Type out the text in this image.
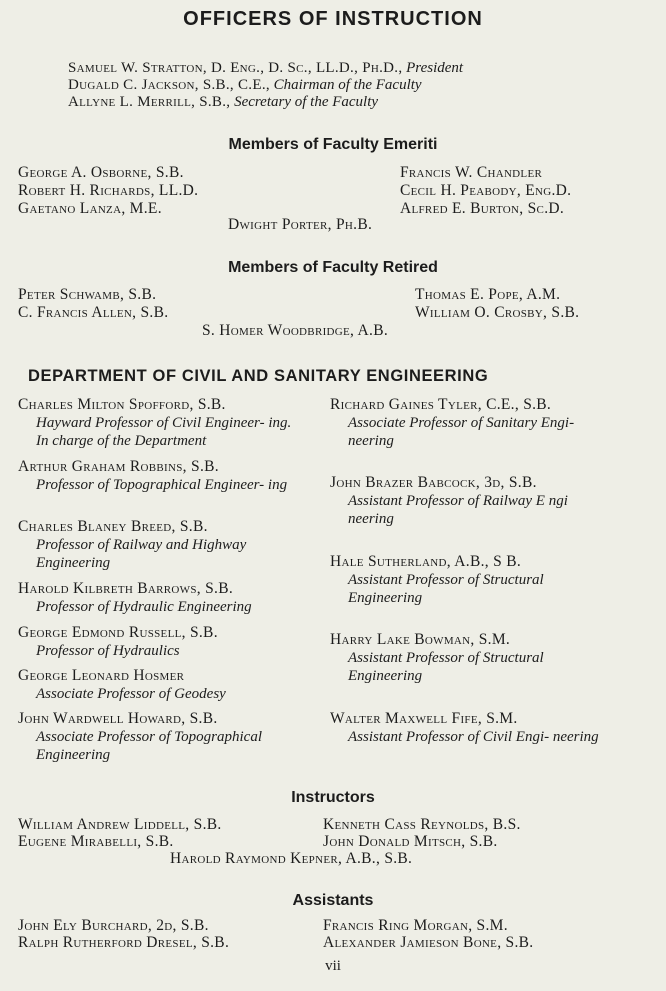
OFFICERS OF INSTRUCTION
Samuel W. Stratton, D. Eng., D. Sc., LL.D., Ph.D., President
Dugald C. Jackson, S.B., C.E., Chairman of the Faculty
Allyne L. Merrill, S.B., Secretary of the Faculty
Members of Faculty Emeriti
George A. Osborne, S.B.
Robert H. Richards, LL.D.
Gaetano Lanza, M.E.
Francis W. Chandler
Cecil H. Peabody, Eng.D.
Alfred E. Burton, Sc.D.
Dwight Porter, Ph.B.
Members of Faculty Retired
Peter Schwamb, S.B.
C. Francis Allen, S.B.
Thomas E. Pope, A.M.
William O. Crosby, S.B.
S. Homer Woodbridge, A.B.
DEPARTMENT OF CIVIL AND SANITARY ENGINEERING
Charles Milton Spofford, S.B.
Hayward Professor of Civil Engineer- ing. In charge of the Department
Arthur Graham Robbins, S.B.
Professor of Topographical Engineer- ing
Charles Blaney Breed, S.B.
Professor of Railway and Highway Engineering
Harold Kilbreth Barrows, S.B.
Professor of Hydraulic Engineering
George Edmond Russell, S.B.
Professor of Hydraulics
George Leonard Hosmer
Associate Professor of Geodesy
John Wardwell Howard, S.B.
Associate Professor of Topographical Engineering
Richard Gaines Tyler, C.E., S.B.
Associate Professor of Sanitary Engi- neering
John Brazer Babcock, 3d, S.B.
Assistant Professor of Railway E ngi neering
Hale Sutherland, A.B., S B.
Assistant Professor of Structural Engineering
Harry Lake Bowman, S.M.
Assistant Professor of Structural Engineering
Walter Maxwell Fife, S.M.
Assistant Professor of Civil Engi- neering
Instructors
William Andrew Liddell, S.B.
Eugene Mirabelli, S.B.
Kenneth Cass Reynolds, B.S.
John Donald Mitsch, S.B.
Harold Raymond Kepner, A.B., S.B.
Assistants
John Ely Burchard, 2d, S.B.
Ralph Rutherford Dresel, S.B.
Francis Ring Morgan, S.M.
Alexander Jamieson Bone, S.B.
vii
